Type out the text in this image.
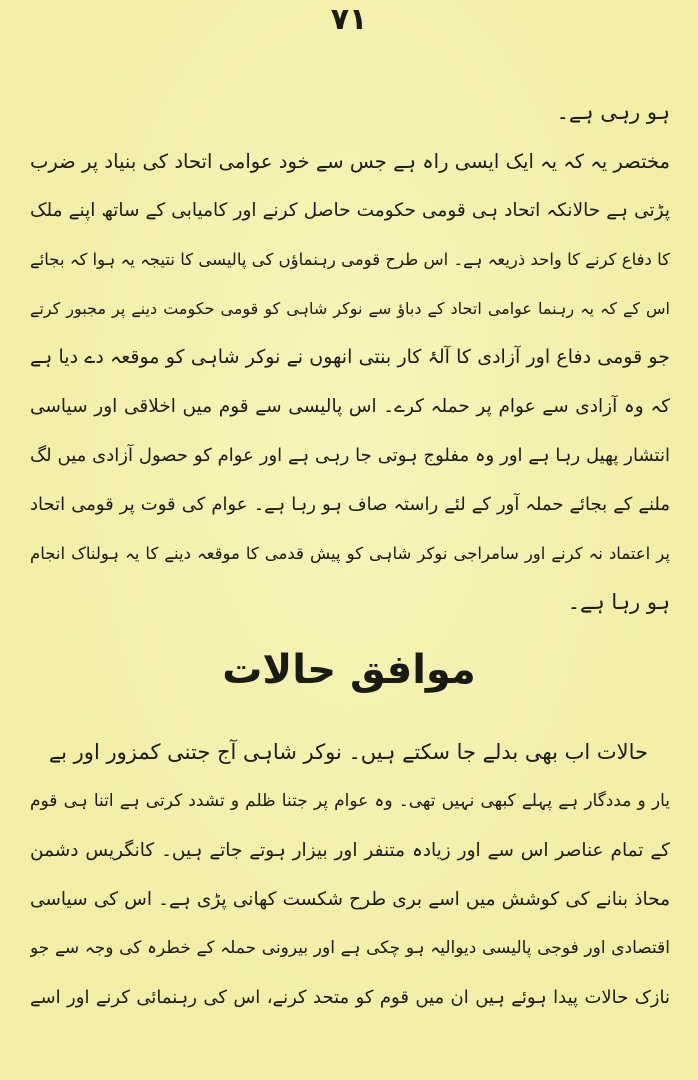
۷۱
ہو رہی ہے۔
مختصر یہ کہ یہ ایک ایسی راہ ہے جس سے خود عوامی اتحاد کی بنیاد پر ضرب
پڑتی ہے حالانکہ اتحاد ہی قومی حکومت حاصل کرنے اور کامیابی کے ساتھ اپنے ملک
کا دفاع کرنے کا واحد ذریعہ ہے۔ اس طرح قومی رہنماؤں کی پالیسی کا نتیجہ یہ ہوا کہ بجائے
اس کے کہ یہ رہنما عوامی اتحاد کے دباؤ سے نوکر شاہی کو قومی حکومت دینے پر مجبور کرتے
جو قومی دفاع اور آزادی کا آلۂ کار بنتی انھوں نے نوکر شاہی کو موقعہ دے دیا ہے
کہ وہ آزادی سے عوام پر حملہ کرے۔ اس پالیسی سے قوم میں اخلاقی اور سیاسی
انتشار پھیل رہا ہے اور وہ مفلوج ہوتی جا رہی ہے اور عوام کو حصول آزادی میں لگ
ملنے کے بجائے حملہ آور کے لئے راستہ صاف ہو رہا ہے۔ عوام کی قوت پر قومی اتحاد
پر اعتماد نہ کرنے اور سامراجی نوکر شاہی کو پیش قدمی کا موقعہ دینے کا یہ ہولناک انجام
ہو رہا ہے۔
موافق حالات
حالات اب بھی بدلے جا سکتے ہیں۔ نوکر شاہی آج جتنی کمزور اور بے
یار و مددگار ہے پہلے کبھی نہیں تھی۔ وہ عوام پر جتنا ظلم و تشدد کرتی ہے اتنا ہی قوم
کے تمام عناصر اس سے اور زیادہ متنفر اور بیزار ہوتے جاتے ہیں۔ کانگریس دشمن
محاذ بنانے کی کوشش میں اسے بری طرح شکست کھانی پڑی ہے۔ اس کی سیاسی
اقتصادی اور فوجی پالیسی دیوالیہ ہو چکی ہے اور بیرونی حملہ کے خطرہ کی وجہ سے جو
نازک حالات پیدا ہوئے ہیں ان میں قوم کو متحد کرنے، اس کی رہنمائی کرنے اور اسے
